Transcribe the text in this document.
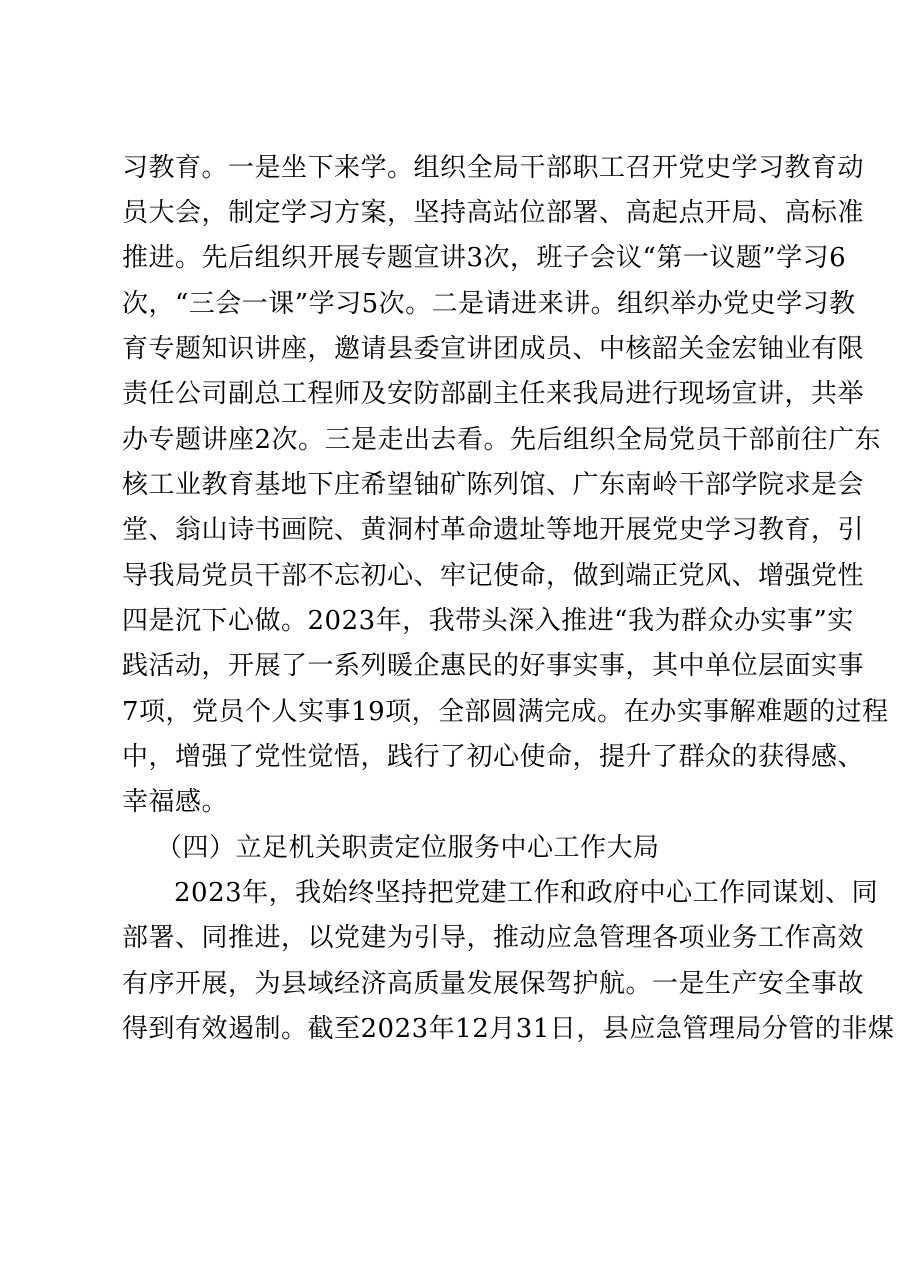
习教育。一是坐下来学。组织全局干部职工召开党史学习教育动
员大会，制定学习方案，坚持高站位部署、高起点开局、高标准
推进。先后组织开展专题宣讲3次，班子会议“第一议题”学习6
次，“三会一课”学习5次。二是请进来讲。组织举办党史学习教
育专题知识讲座，邀请县委宣讲团成员、中核韶关金宏铀业有限
责任公司副总工程师及安防部副主任来我局进行现场宣讲，共举
办专题讲座2次。三是走出去看。先后组织全局党员干部前往广东
核工业教育基地下庄希望铀矿陈列馆、广东南岭干部学院求是会
堂、翁山诗书画院、黄洞村革命遗址等地开展党史学习教育，引
导我局党员干部不忘初心、牢记使命，做到端正党风、增强党性
四是沉下心做。2023年，我带头深入推进“我为群众办实事”实
践活动，开展了一系列暖企惠民的好事实事，其中单位层面实事
7项，党员个人实事19项，全部圆满完成。在办实事解难题的过程
中，增强了党性觉悟，践行了初心使命，提升了群众的获得感、
幸福感。
（四）立足机关职责定位服务中心工作大局
2023年，我始终坚持把党建工作和政府中心工作同谋划、同
部署、同推进，以党建为引导，推动应急管理各项业务工作高效
有序开展，为县域经济高质量发展保驾护航。一是生产安全事故
得到有效遏制。截至2023年12月31日，县应急管理局分管的非煤
